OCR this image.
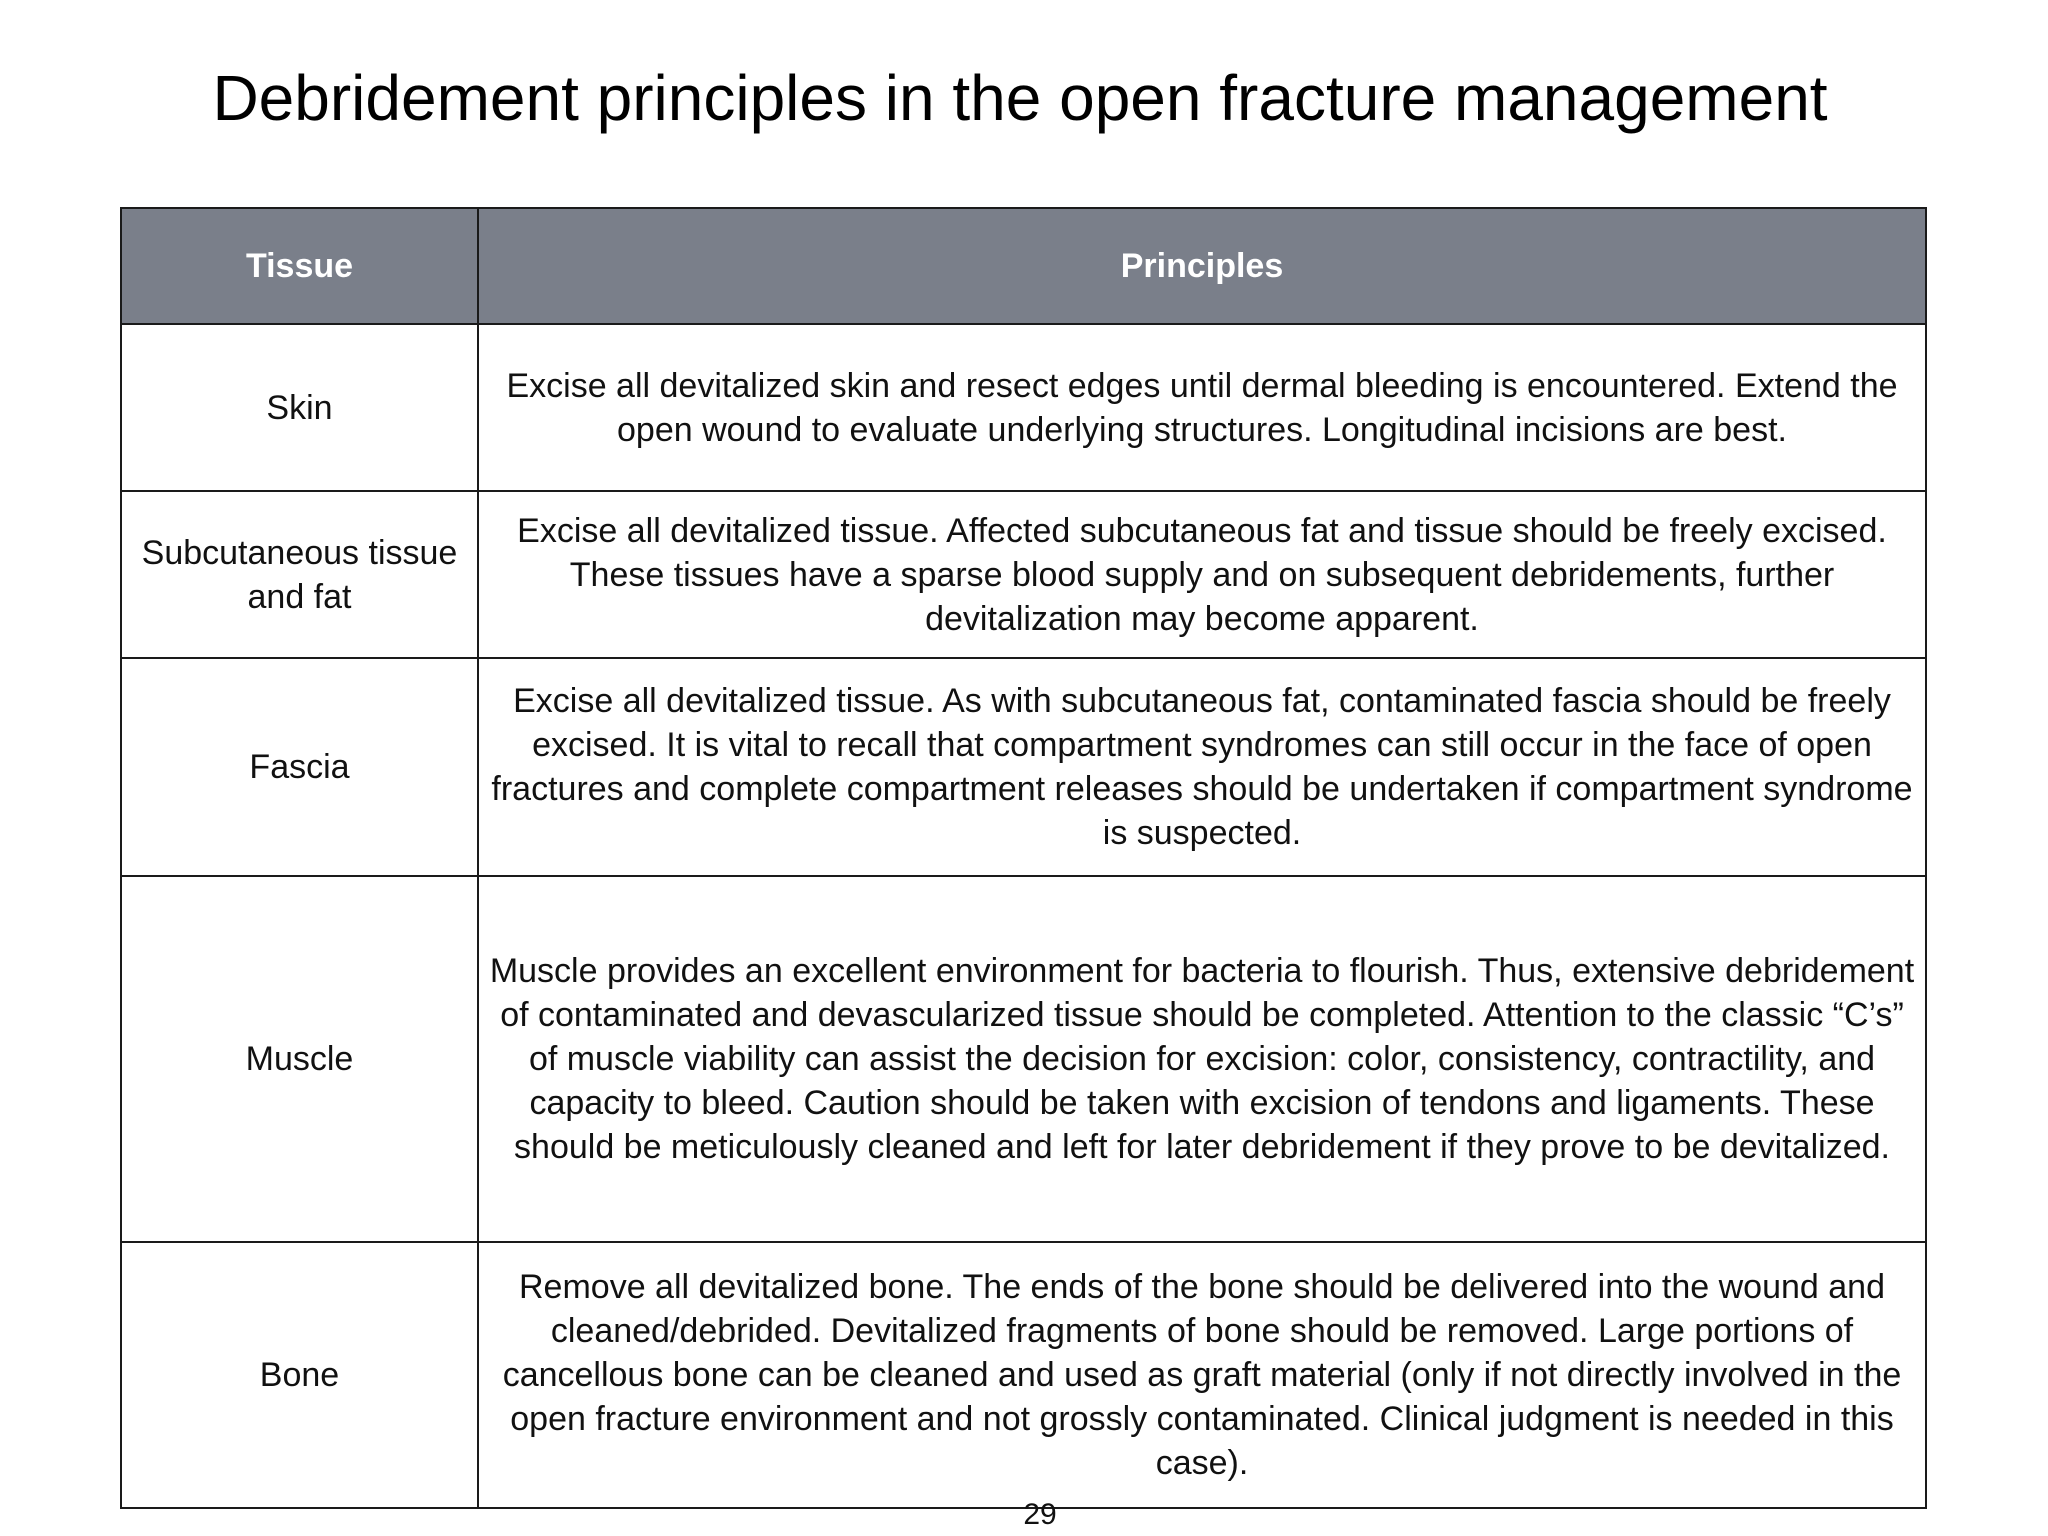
Debridement principles in the open fracture management
Tissue	Principles
Skin	Excise all devitalized skin and resect edges until dermal bleeding is encountered. Extend the open wound to evaluate underlying structures. Longitudinal incisions are best.
Subcutaneous tissue and fat	Excise all devitalized tissue. Affected subcutaneous fat and tissue should be freely excised. These tissues have a sparse blood supply and on subsequent debridements, further devitalization may become apparent.
Fascia	Excise all devitalized tissue. As with subcutaneous fat, contaminated fascia should be freely excised. It is vital to recall that compartment syndromes can still occur in the face of open fractures and complete compartment releases should be undertaken if compartment syndrome is suspected.
Muscle	Muscle provides an excellent environment for bacteria to flourish. Thus, extensive debridement of contaminated and devascularized tissue should be completed. Attention to the classic “C’s” of muscle viability can assist the decision for excision: color, consistency, contractility, and capacity to bleed. Caution should be taken with excision of tendons and ligaments. These should be meticulously cleaned and left for later debridement if they prove to be devitalized.
Bone	Remove all devitalized bone. The ends of the bone should be delivered into the wound and cleaned/debrided. Devitalized fragments of bone should be removed. Large portions of cancellous bone can be cleaned and used as graft material (only if not directly involved in the open fracture environment and not grossly contaminated. Clinical judgment is needed in this case).
29
